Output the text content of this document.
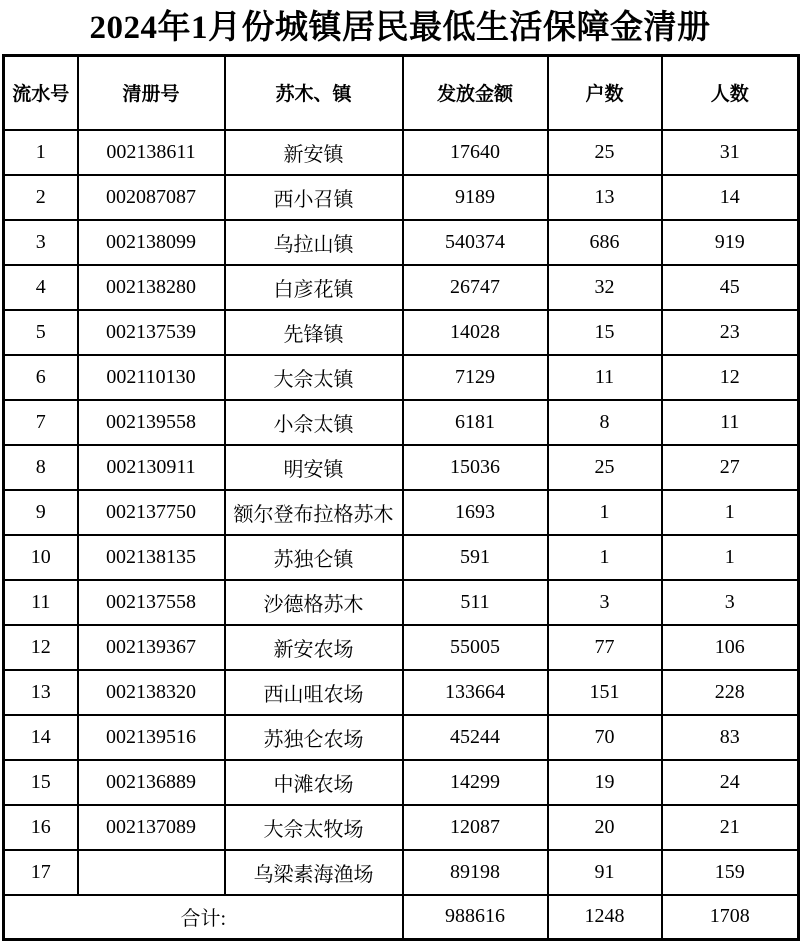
2024年1月份城镇居民最低生活保障金清册
流水号	清册号	苏木、镇	发放金额	户数	人数
1	002138611	新安镇	17640	25	31
2	002087087	西小召镇	9189	13	14
3	002138099	乌拉山镇	540374	686	919
4	002138280	白彦花镇	26747	32	45
5	002137539	先锋镇	14028	15	23
6	002110130	大佘太镇	7129	11	12
7	002139558	小佘太镇	6181	8	11
8	002130911	明安镇	15036	25	27
9	002137750	额尔登布拉格苏木	1693	1	1
10	002138135	苏独仑镇	591	1	1
11	002137558	沙德格苏木	511	3	3
12	002139367	新安农场	55005	77	106
13	002138320	西山咀农场	133664	151	228
14	002139516	苏独仑农场	45244	70	83
15	002136889	中滩农场	14299	19	24
16	002137089	大佘太牧场	12087	20	21
17		乌梁素海渔场	89198	91	159
合计:			988616	1248	1708
